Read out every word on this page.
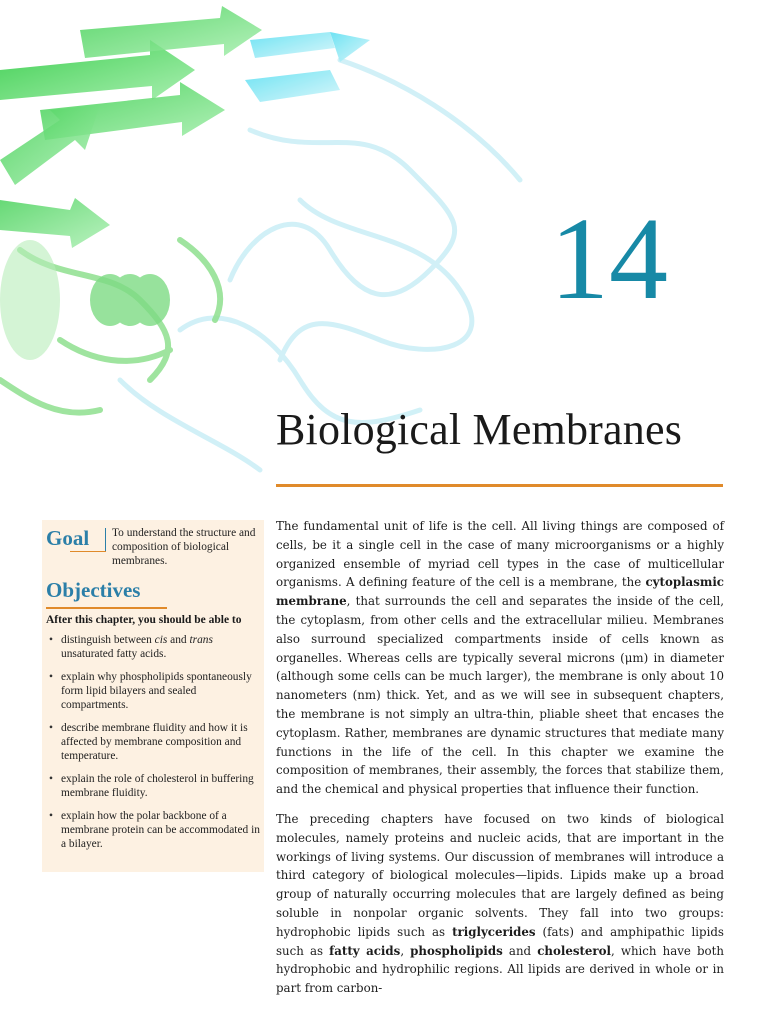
14
Biological Membranes
Goal To understand the structure and composition of biological membranes.
Objectives
After this chapter, you should be able to
• distinguish between cis and trans unsaturated fatty acids.
• explain why phospholipids spontaneously form lipid bilayers and sealed compartments.
• describe membrane fluidity and how it is affected by membrane composition and temperature.
• explain the role of cholesterol in buffering membrane fluidity.
• explain how the polar backbone of a membrane protein can be accommodated in a bilayer.

The fundamental unit of life is the cell. All living things are composed of cells, be it a single cell in the case of many microorganisms or a highly organized ensemble of myriad cell types in the case of multicellular organisms. A defining feature of the cell is a membrane, the cytoplasmic membrane, that surrounds the cell and separates the inside of the cell, the cytoplasm, from other cells and the extracellular milieu. Membranes also surround specialized compartments inside of cells known as organelles. Whereas cells are typically several microns (μm) in diameter (although some cells can be much larger), the membrane is only about 10 nanometers (nm) thick. Yet, and as we will see in subsequent chapters, the membrane is not simply an ultra-thin, pliable sheet that encases the cytoplasm. Rather, membranes are dynamic structures that mediate many functions in the life of the cell. In this chapter we examine the composition of membranes, their assembly, the forces that stabilize them, and the chemical and physical properties that influence their function.

The preceding chapters have focused on two kinds of biological molecules, namely proteins and nucleic acids, that are important in the workings of living systems. Our discussion of membranes will introduce a third category of biological molecules—lipids. Lipids make up a broad group of naturally occurring molecules that are largely defined as being soluble in nonpolar organic solvents. They fall into two groups: hydrophobic lipids such as triglycerides (fats) and amphipathic lipids such as fatty acids, phospholipids and cholesterol, which have both hydrophobic and hydrophilic regions. All lipids are derived in whole or in part from carbon-
